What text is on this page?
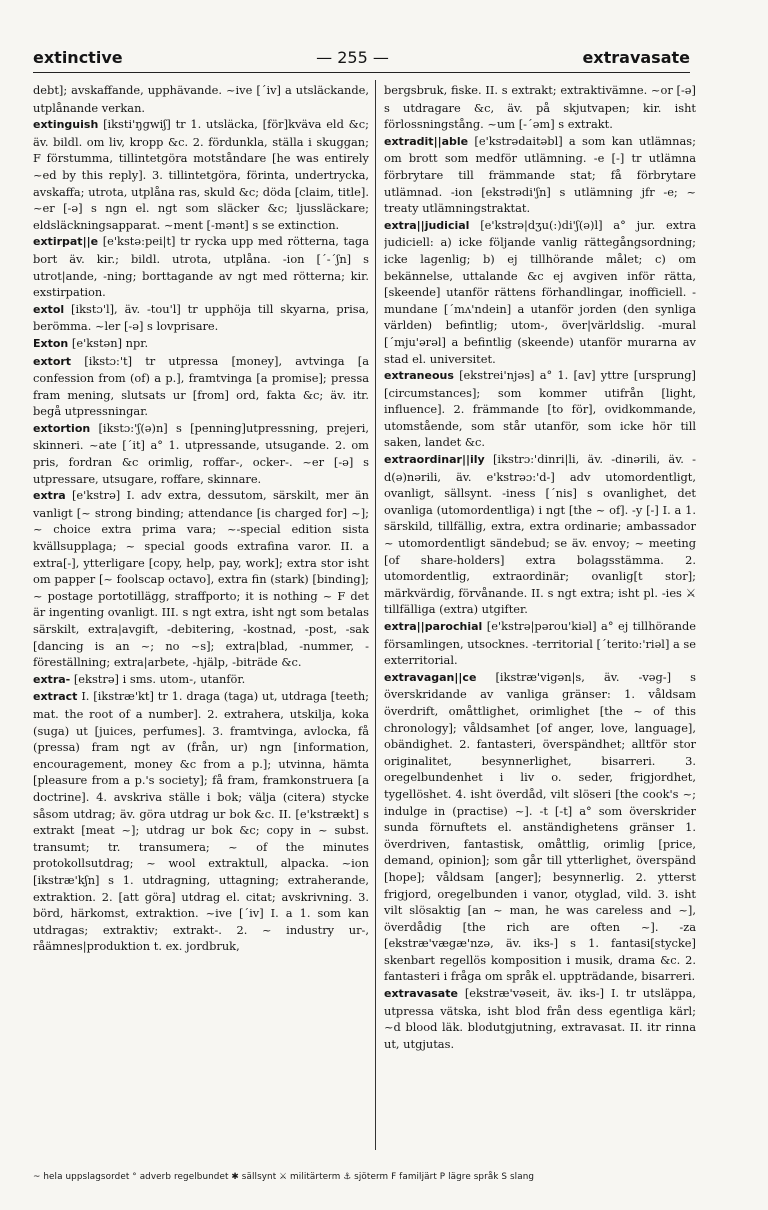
extinctive	— 255 —	extravasate

debt]; avskaffande, upphävande. ~ive [´iv] a utsläckande, utplånande verkan.

extinguish [iksti'ŋgwiʃ] tr 1. utsläcka, [för]kväva eld &c; äv. bildl. om liv, kropp &c. 2. fördunkla, ställa i skuggan; F förstumma, tillintetgöra motståndare [he was entirely ~ed by this reply]. 3. tillintetgöra, förinta, undertrycka, avskaffa; utrota, utplåna ras, skuld &c; döda [claim, title]. ~er [-ə] s ngn el. ngt som släcker &c; ljussläckare; eldsläckningsapparat. ~ment [-mənt] s se extinction.

extirpat||e [e'kstə:pei|t] tr rycka upp med rötterna, taga bort äv. kir.; bildl. utrota, utplåna. -ion [´-´ʃn] s utrot|ande, -ning; borttagande av ngt med rötterna; kir. exstirpation.

extol [ikstɔ'l], äv. -tou'l] tr upphöja till skyarna, prisa, berömma. ~ler [-ə] s lovprisare.

Exton [e'kstən] npr.

extort [ikstɔ:'t] tr utpressa [money], avtvinga [a confession from (of) a p.], framtvinga [a promise]; pressa fram mening, slutsats ur [from] ord, fakta &c; äv. itr. begå utpressningar.

extortion [ikstɔ:'ʃ(ə)n] s [penning]utpressning, prejeri, skinneri. ~ate [´it] a° 1. utpressande, utsugande. 2. om pris, fordran &c orimlig, roffar-, ocker-. ~er [-ə] s utpressare, utsugare, roffare, skinnare.

extra [e'kstrə] I. adv extra, dessutom, särskilt, mer än vanligt [~ strong binding; attendance [is charged for] ~]; ~ choice extra prima vara; ~-special edition sista kvällsupplaga; ~ special goods extrafina varor. II. a extra[-], ytterligare [copy, help, pay, work]; extra stor isht om papper [~ foolscap octavo], extra fin (stark) [binding]; ~ postage portotillägg, straffporto; it is nothing ~ F det är ingenting ovanligt. III. s ngt extra, isht ngt som betalas särskilt, extra|avgift, -debitering, -kostnad, -post, -sak [dancing is an ~; no ~s]; extra|blad, -nummer, -föreställning; extra|arbete, -hjälp, -biträde &c.

extra- [ekstrə] i sms. utom-, utanför.

extract I. [ikstræ'kt] tr 1. draga (taga) ut, utdraga [teeth; mat. the root of a number]. 2. extrahera, utskilja, koka (suga) ut [juices, perfumes]. 3. framtvinga, avlocka, få (pressa) fram ngt av (från, ur) ngn [information, encouragement, money &c from a p.]; utvinna, hämta [pleasure from a p.'s society]; få fram, framkonstruera [a doctrine]. 4. avskriva ställe i bok; välja (citera) stycke såsom utdrag; äv. göra utdrag ur bok &c. II. [e'kstrækt] s extrakt [meat ~]; utdrag ur bok &c; copy in ~ subst. transumt; tr. transumera; ~ of the minutes protokollsutdrag; ~ wool extraktull, alpacka. ~ion [ikstræ'kʃn] s 1. utdragning, uttagning; extraherande, extraktion. 2. [att göra] utdrag el. citat; avskrivning. 3. börd, härkomst, extraktion. ~ive [´iv] I. a 1. som kan utdragas; extraktiv; extrakt-. 2. ~ industry ur-, råämnes|produktion t. ex. jordbruk,

bergsbruk, fiske. II. s extrakt; extraktivämne. ~or [-ə] s utdragare &c, äv. på skjutvapen; kir. isht förlossningstång. ~um [-´əm] s extrakt.

extradit||able [e'kstrədaitəbl] a som kan utlämnas; om brott som medför utlämning. -e [-] tr utlämna förbrytare till främmande stat; få förbrytare utlämnad. -ion [ekstrədi'ʃn] s utlämning jfr -e; ~ treaty utlämningstraktat.

extra||judicial [e'kstrə|dʒu(:)di'ʃ(ə)l] a° jur. extra judiciell: a) icke följande vanlig rättegångsordning; icke lagenlig; b) ej tillhörande målet; c) om bekännelse, uttalande &c ej avgiven inför rätta, [skeende] utanför rättens förhandlingar, inofficiell. -mundane [´mʌ'ndein] a utanför jorden (den synliga världen) befintlig; utom-, över|världslig. -mural [´mju'ərəl] a befintlig (skeende) utanför murarna av stad el. universitet.

extraneous [ekstrei'njəs] a° 1. [av] yttre [ursprung] [circumstances]; som kommer utifrån [light, influence]. 2. främmande [to för], ovidkommande, utomstående, som står utanför, som icke hör till saken, landet &c.

extraordinar||ily [ikstrɔ:'dinri|li, äv. -dinərili, äv. -d(ə)nərili, äv. e'kstrəɔ:'d-] adv utomordentligt, ovanligt, sällsynt. -iness [´nis] s ovanlighet, det ovanliga (utomordentliga) i ngt [the ~ of]. -y [-] I. a 1. särskild, tillfällig, extra, extra ordinarie; ambassador ~ utomordentligt sändebud; se äv. envoy; ~ meeting [of share-holders] extra bolagsstämma. 2. utomordentlig, extraordinär; ovanlig[t stor]; märkvärdig, förvånande. II. s ngt extra; isht pl. -ies ⚔ tillfälliga (extra) utgifter.

extra||parochial [e'kstrə|pərou'kiəl] a° ej tillhörande församlingen, utsocknes. -territorial [´terito:'riəl] a se exterritorial.

extravagan||ce [ikstræ'vigən|s, äv. -vəg-] s överskridande av vanliga gränser: 1. våldsam överdrift, omåttlighet, orimlighet [the ~ of this chronology]; våldsamhet [of anger, love, language], obändighet. 2. fantasteri, överspändhet; alltför stor originalitet, besynnerlighet, bisarreri. 3. oregelbundenhet i liv o. seder, frigjordhet, tygellöshet. 4. isht överdåd, vilt slöseri [the cook's ~; indulge in (practise) ~]. -t [-t] a° som överskrider sunda förnuftets el. anständighetens gränser 1. överdriven, fantastisk, omåttlig, orimlig [price, demand, opinion]; som går till ytterlighet, överspänd [hope]; våldsam [anger]; besynnerlig. 2. ytterst frigjord, oregelbunden i vanor, otyglad, vild. 3. isht vilt slösaktig [an ~ man, he was careless and ~], överdådig [the rich are often ~]. -za [ekstræ'vægæ'nzə, äv. iks-] s 1. fantasi[stycke] skenbart regellös komposition i musik, drama &c. 2. fantasteri i fråga om språk el. uppträdande, bisarreri.

extravasate [ekstræ'vəseit, äv. iks-] I. tr utsläppa, utpressa vätska, isht blod från dess egentliga kärl; ~d blood läk. blodutgjutning, extravasat. II. itr rinna ut, utgjutas.

~ hela uppslagsordet ° adverb regelbundet ✱ sällsynt ⚔ militärterm ⚓ sjöterm F familjärt P lägre språk S slang
